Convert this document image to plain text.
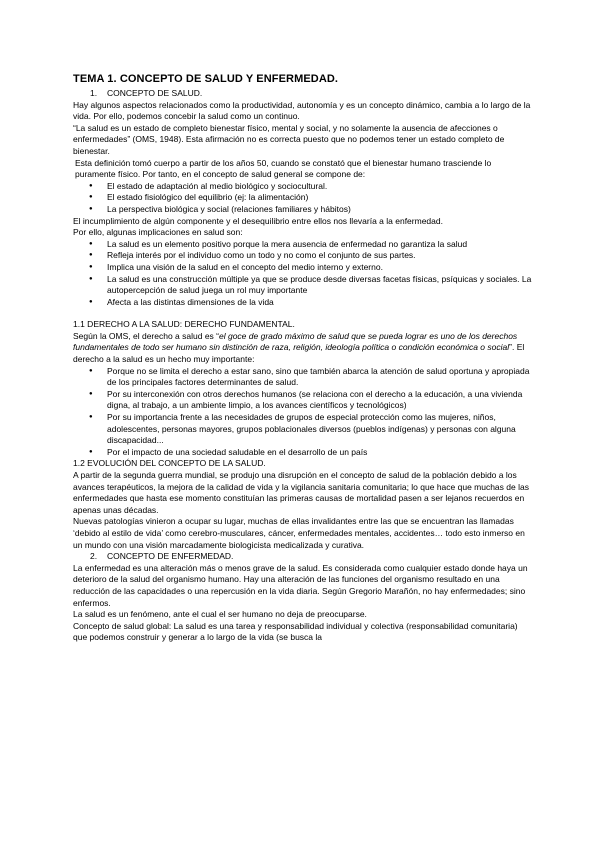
TEMA 1. CONCEPTO DE SALUD Y ENFERMEDAD.
1.	CONCEPTO DE SALUD.

Hay algunos aspectos relacionados como la productividad, autonomía y es un concepto dinámico, cambia a lo largo de la vida. Por ello, podemos concebir la salud como un continuo.

“La salud es un estado de completo bienestar físico, mental y social, y no solamente la ausencia de afecciones o enfermedades” (OMS, 1948). Esta afirmación no es correcta puesto que no podemos tener un estado completo de bienestar.

Esta definición tomó cuerpo a partir de los años 50, cuando se constató que el bienestar humano trasciende lo puramente físico. Por tanto, en el concepto de salud general se compone de:

● El estado de adaptación al medio biológico y sociocultural.
● El estado fisiológico del equilibrio (ej: la alimentación)
● La perspectiva biológica y social (relaciones familiares y hábitos)

El incumplimiento de algún componente y el desequilibrio entre ellos nos llevaría a la enfermedad.

Por ello, algunas implicaciones en salud son:

● La salud es un elemento positivo porque la mera ausencia de enfermedad no garantiza la salud
● Refleja interés por el individuo como un todo y no como el conjunto de sus partes.
● Implica una visión de la salud en el concepto del medio interno y externo.
● La salud es una construcción múltiple ya que se produce desde diversas facetas físicas, psíquicas y sociales. La autopercepción de salud juega un rol muy importante
● Afecta a las distintas dimensiones de la vida

1.1 DERECHO A LA SALUD: DERECHO FUNDAMENTAL.

Según la OMS, el derecho a salud es “el goce de grado máximo de salud que se pueda lograr es uno de los derechos fundamentales de todo ser humano sin distinción de raza, religión, ideología política o condición económica o social”. El derecho a la salud es un hecho muy importante:

● Porque no se limita el derecho a estar sano, sino que también abarca la atención de salud oportuna y apropiada de los principales factores determinantes de salud.
● Por su interconexión con otros derechos humanos (se relaciona con el derecho a la educación, a una vivienda digna, al trabajo, a un ambiente limpio, a los avances científicos y tecnológicos)
● Por su importancia frente a las necesidades de grupos de especial protección como las mujeres, niños, adolescentes, personas mayores, grupos poblacionales diversos (pueblos indígenas) y personas con alguna discapacidad...
● Por el impacto de una sociedad saludable en el desarrollo de un país

1.2 EVOLUCIÓN DEL CONCEPTO DE LA SALUD.

A partir de la segunda guerra mundial, se produjo una disrupción en el concepto de salud de la población debido a los avances terapéuticos, la mejora de la calidad de vida y la vigilancia sanitaria comunitaria; lo que hace que muchas de las enfermedades que hasta ese momento constituían las primeras causas de mortalidad pasen a ser lejanos recuerdos en apenas unas décadas.

Nuevas patologías vinieron a ocupar su lugar, muchas de ellas invalidantes entre las que se encuentran las llamadas ‘debido al estilo de vida’ como cerebro-musculares, cáncer, enfermedades mentales, accidentes… todo esto inmerso en un mundo con una visión marcadamente biologicista medicalizada y curativa.

2.	CONCEPTO DE ENFERMEDAD.

La enfermedad es una alteración más o menos grave de la salud. Es considerada como cualquier estado donde haya un deterioro de la salud del organismo humano. Hay una alteración de las funciones del organismo resultado en una reducción de las capacidades o una repercusión en la vida diaria. Según Gregorio Marañón, no hay enfermedades; sino enfermos.

La salud es un fenómeno, ante el cual el ser humano no deja de preocuparse.

Concepto de salud global: La salud es una tarea y responsabilidad individual y colectiva (responsabilidad comunitaria) que podemos construir y generar a lo largo de la vida (se busca la
